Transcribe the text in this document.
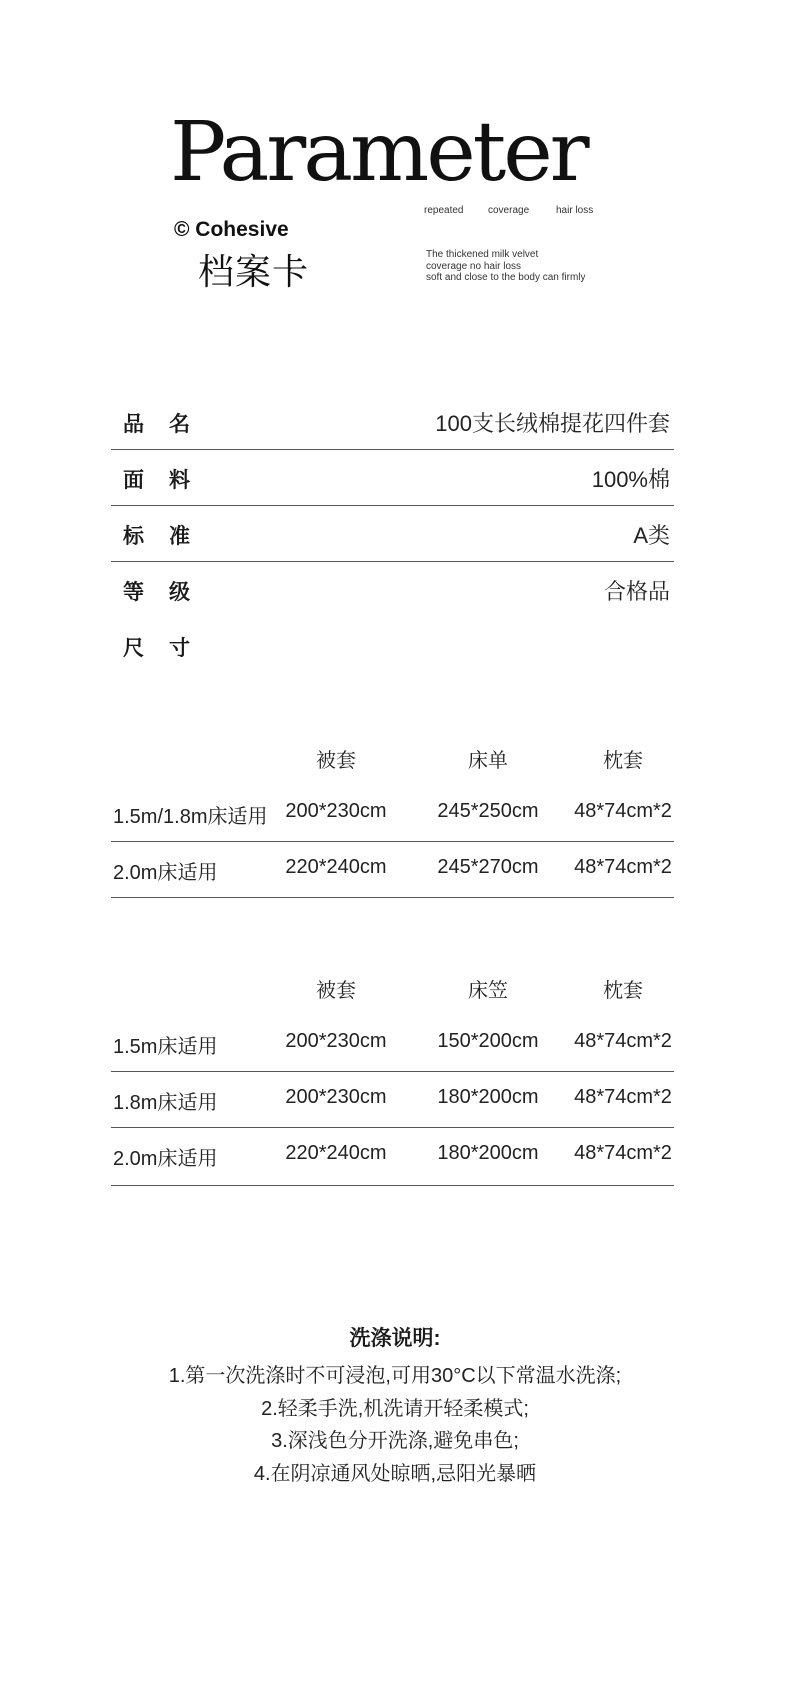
Parameter
repeated coverage	hair loss
© Cohesive
档案卡	The thickened milk velvet
coverage no hair loss
soft and close to the body can firmly
品名	100支长绒棉提花四件套
面料	100%棉
标准	A类
等级	合格品
尺寸
被套	床单	枕套
1.5m/1.8m床适用 200*230cm	245*250cm 48*74cm*2
2.0m床适用	220*240cm	245*270cm 48*74cm*2
被套	床笠	枕套
1.5m床适用	200*230cm	150*200cm 48*74cm*2
1.8m床适用	200*230cm	180*200cm 48*74cm*2
2.0m床适用	220*240cm	180*200cm 48*74cm*2
洗涤说明:
1.第一次洗涤时不可浸泡,可用30°C以下常温水洗涤;
2.轻柔手洗,机洗请开轻柔模式;
3.深浅色分开洗涤,避免串色;
4.在阴凉通风处晾晒,忌阳光暴晒
